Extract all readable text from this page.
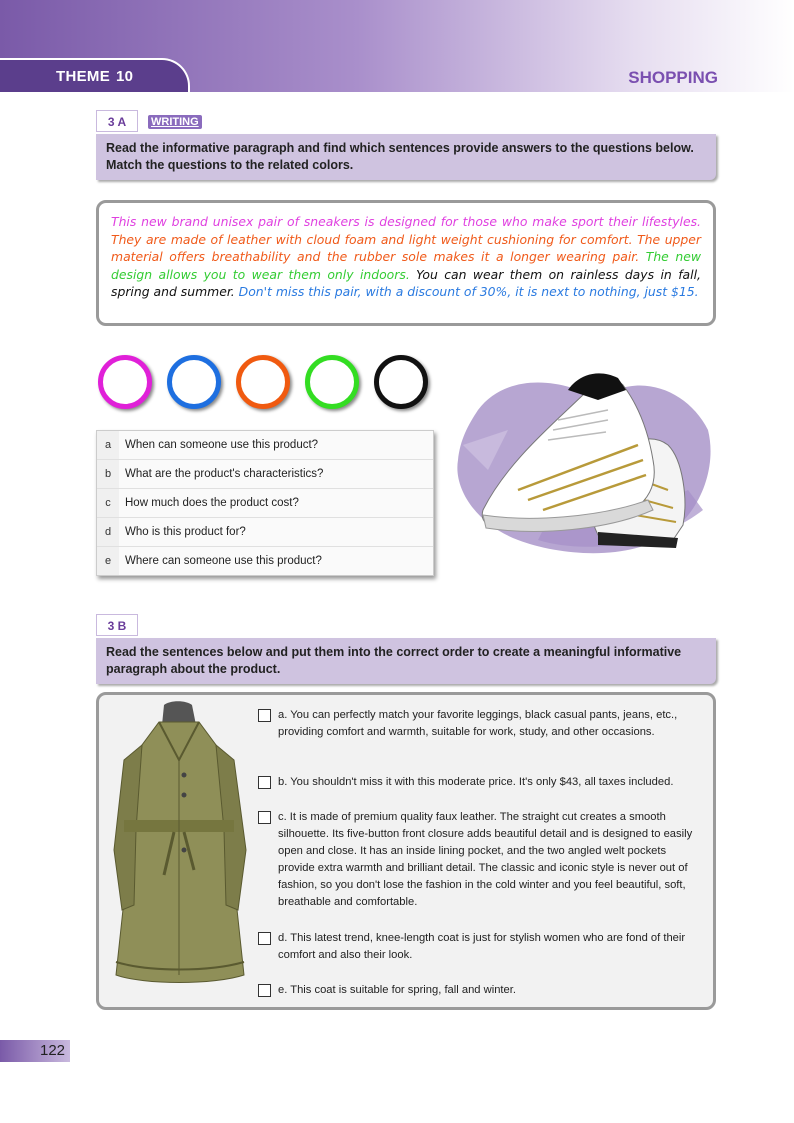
THEME 10	SHOPPING
3 A	WRITING
Read the informative paragraph and find which sentences provide answers to the questions below. Match the questions to the related colors.
This new brand unisex pair of sneakers is designed for those who make sport their lifestyles. They are made of leather with cloud foam and light weight cushioning for comfort. The upper material offers breathability and the rubber sole makes it a longer wearing pair. The new design allows you to wear them only indoors. You can wear them on rainless days in fall, spring and summer. Don't miss this pair, with a discount of 30%, it is next to nothing, just $15.
a	When can someone use this product?
b	What are the product's characteristics?
c	How much does the product cost?
d	Who is this product for?
e	Where can someone use this product?
3 B
Read the sentences below and put them into the correct order to create a meaningful informative paragraph about the product.
a. You can perfectly match your favorite leggings, black casual pants, jeans, etc., providing comfort and warmth, suitable for work, study, and other occasions.
b. You shouldn't miss it with this moderate price. It's only $43, all taxes included.
c. It is made of premium quality faux leather. The straight cut creates a smooth silhouette. Its five-button front closure adds beautiful detail and is designed to easily open and close. It has an inside lining pocket, and the two angled welt pockets provide extra warmth and brilliant detail. The classic and iconic style is never out of fashion, so you don't lose the fashion in the cold winter and you feel beautiful, soft, breathable and comfortable.
d. This latest trend, knee-length coat is just for stylish women who are fond of their comfort and also their look.
e. This coat is suitable for spring, fall and winter.
122
